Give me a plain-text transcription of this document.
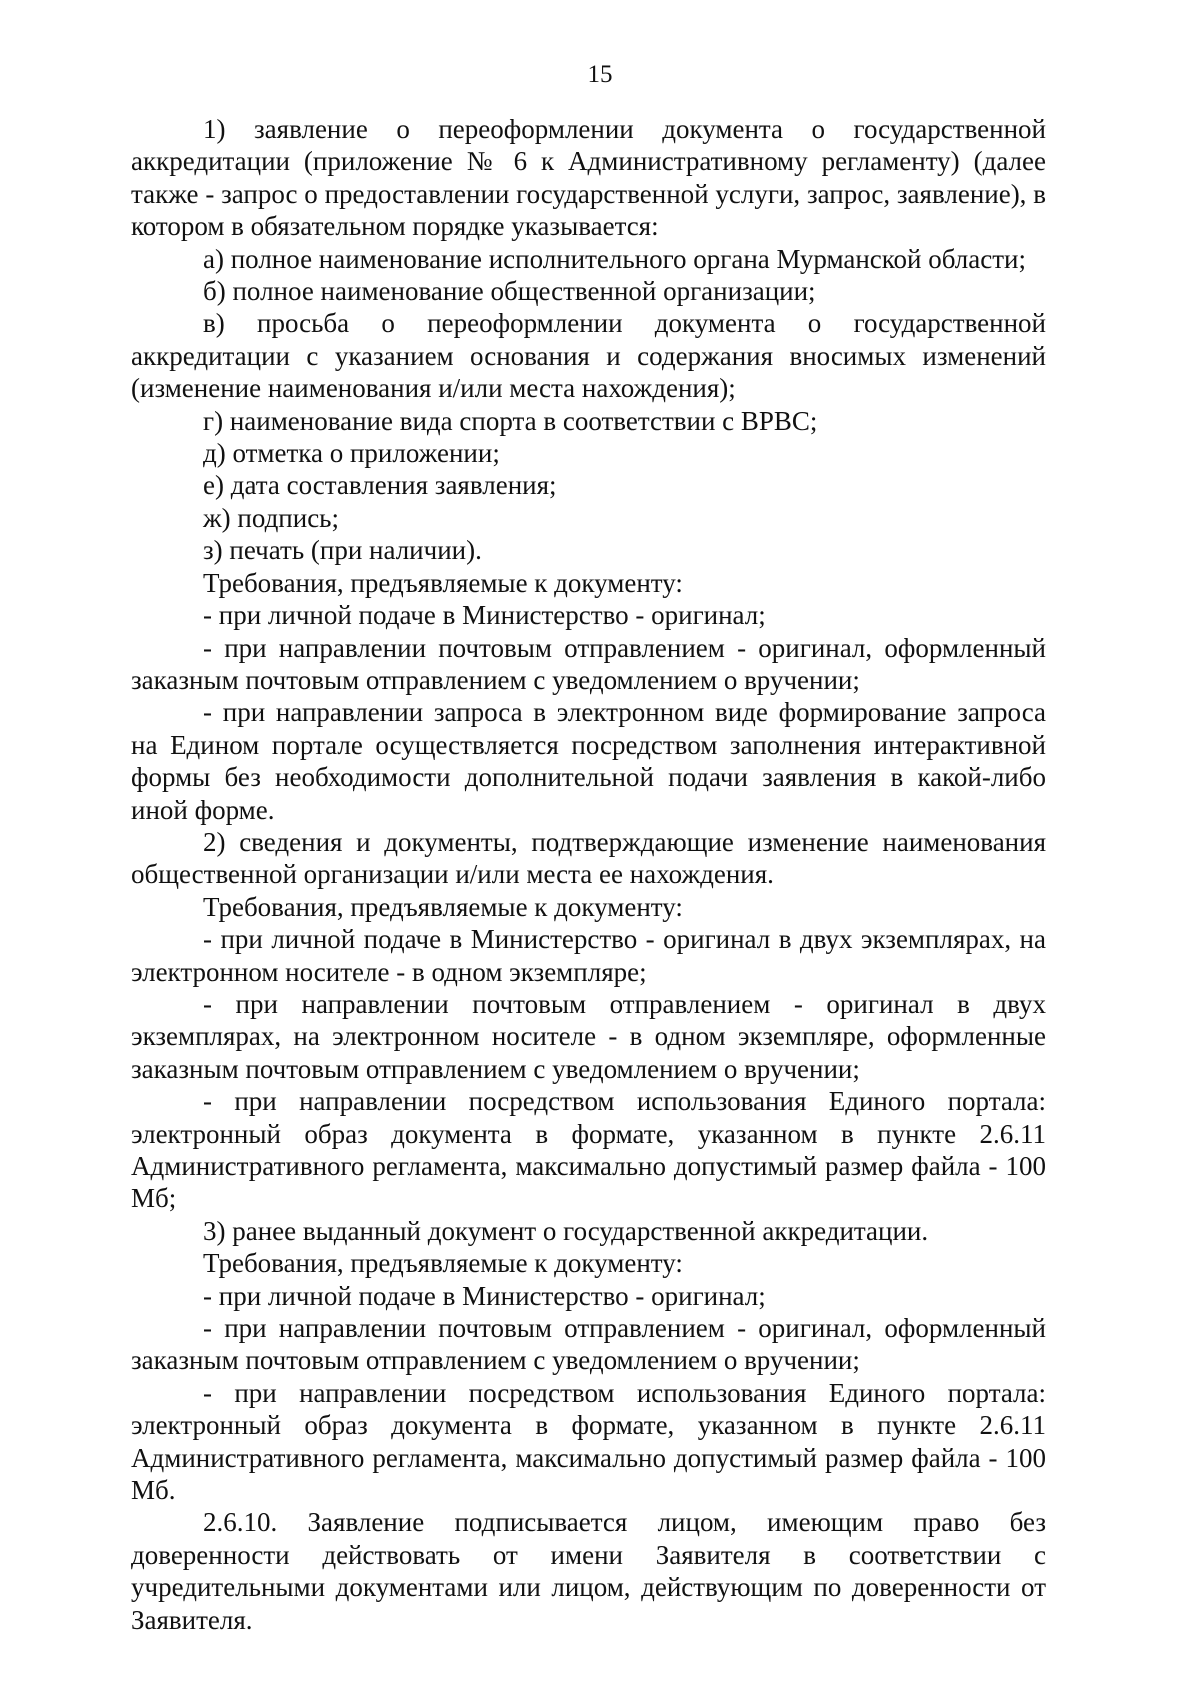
15

1) заявление о переоформлении документа о государственной аккредитации (приложение № 6 к Административному регламенту) (далее также - запрос о предоставлении государственной услуги, запрос, заявление), в котором в обязательном порядке указывается:

а) полное наименование исполнительного органа Мурманской области;

б) полное наименование общественной организации;

в) просьба о переоформлении документа о государственной аккредитации с указанием основания и содержания вносимых изменений (изменение наименования и/или места нахождения);

г) наименование вида спорта в соответствии с ВРВС;

д) отметка о приложении;

е) дата составления заявления;

ж) подпись;

з) печать (при наличии).

Требования, предъявляемые к документу:

- при личной подаче в Министерство - оригинал;

- при направлении почтовым отправлением - оригинал, оформленный заказным почтовым отправлением с уведомлением о вручении;

- при направлении запроса в электронном виде формирование запроса на Едином портале осуществляется посредством заполнения интерактивной формы без необходимости дополнительной подачи заявления в какой-либо иной форме.

2) сведения и документы, подтверждающие изменение наименования общественной организации и/или места ее нахождения.

Требования, предъявляемые к документу:

- при личной подаче в Министерство - оригинал в двух экземплярах, на электронном носителе - в одном экземпляре;

- при направлении почтовым отправлением - оригинал в двух экземплярах, на электронном носителе - в одном экземпляре, оформленные заказным почтовым отправлением с уведомлением о вручении;

- при направлении посредством использования Единого портала: электронный образ документа в формате, указанном в пункте 2.6.11 Административного регламента, максимально допустимый размер файла - 100 Мб;

3) ранее выданный документ о государственной аккредитации.

Требования, предъявляемые к документу:

- при личной подаче в Министерство - оригинал;

- при направлении почтовым отправлением - оригинал, оформленный заказным почтовым отправлением с уведомлением о вручении;

- при направлении посредством использования Единого портала: электронный образ документа в формате, указанном в пункте 2.6.11 Административного регламента, максимально допустимый размер файла - 100 Мб.

2.6.10. Заявление подписывается лицом, имеющим право без доверенности действовать от имени Заявителя в соответствии с учредительными документами или лицом, действующим по доверенности от Заявителя.
